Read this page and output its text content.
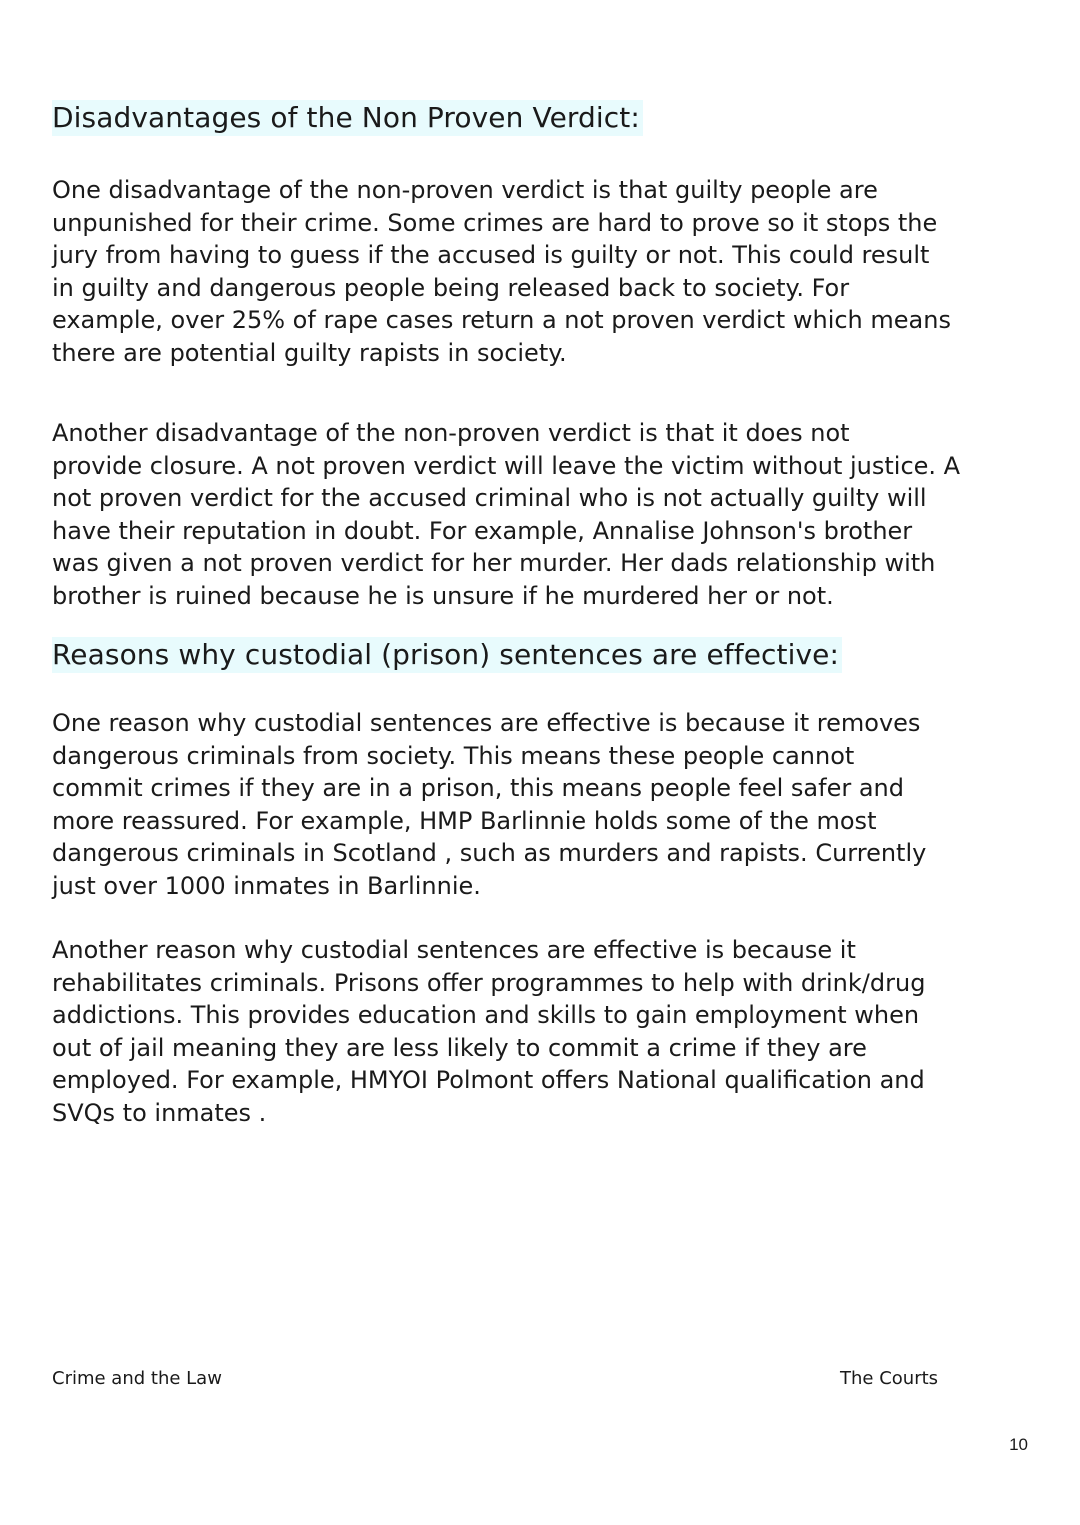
Disadvantages of the Non Proven Verdict:
One disadvantage of the non-proven verdict is that guilty people are
unpunished for their crime. Some crimes are hard to prove so it stops the
jury from having to guess if the accused is guilty or not. This could result
in guilty and dangerous people being released back to society. For
example, over 25% of rape cases return a not proven verdict which means
there are potential guilty rapists in society.
Another disadvantage of the non-proven verdict is that it does not
provide closure. A not proven verdict will leave the victim without justice. A
not proven verdict for the accused criminal who is not actually guilty will
have their reputation in doubt. For example, Annalise Johnson's brother
was given a not proven verdict for her murder. Her dads relationship with
brother is ruined because he is unsure if he murdered her or not.
Reasons why custodial (prison) sentences are effective:
One reason why custodial sentences are effective is because it removes
dangerous criminals from society. This means these people cannot
commit crimes if they are in a prison, this means people feel safer and
more reassured. For example, HMP Barlinnie holds some of the most
dangerous criminals in Scotland , such as murders and rapists. Currently
just over 1000 inmates in Barlinnie.
Another reason why custodial sentences are effective is because it
rehabilitates criminals. Prisons offer programmes to help with drink/drug
addictions. This provides education and skills to gain employment when
out of jail meaning they are less likely to commit a crime if they are
employed. For example, HMYOI Polmont offers National qualification and
SVQs to inmates .
Crime and the Law	The Courts
10
